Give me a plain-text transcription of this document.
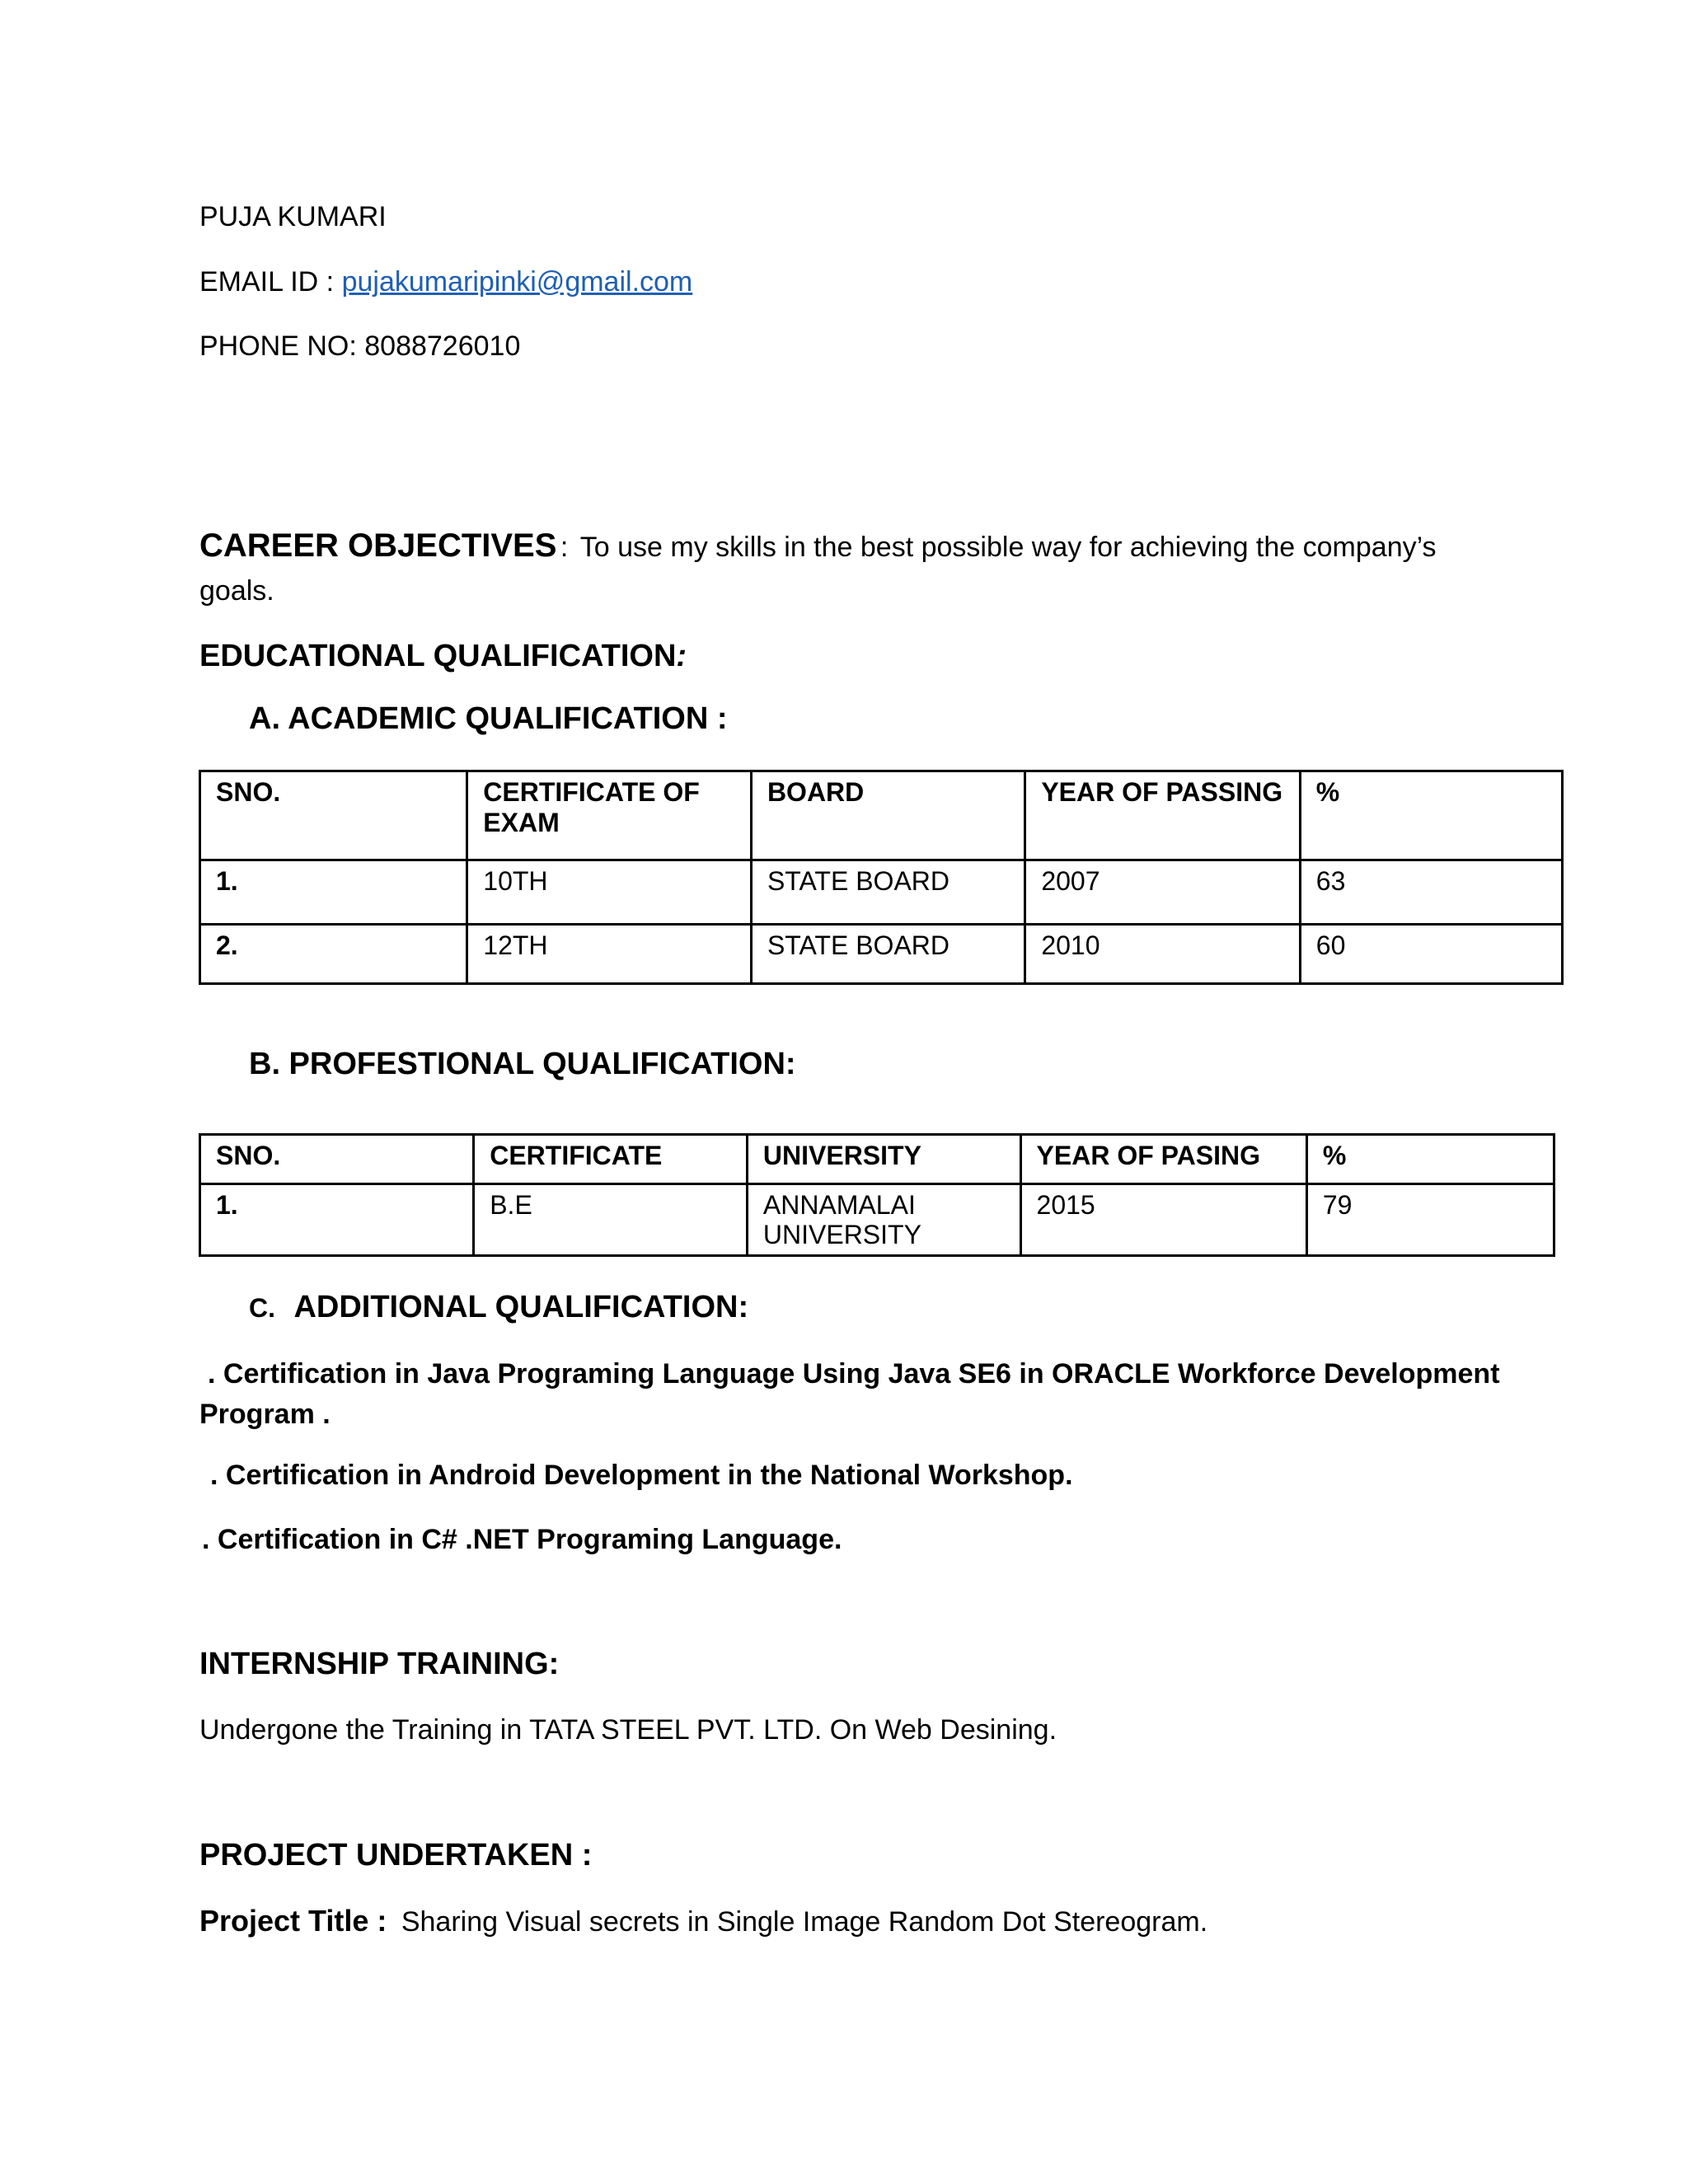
PUJA KUMARI
EMAIL ID : pujakumaripinki@gmail.com
PHONE NO: 8088726010
CAREER OBJECTIVES : To use my skills in the best possible way for achieving the company’s
goals.
EDUCATIONAL QUALIFICATION:
A. ACADEMIC QUALIFICATION :
SNO.	CERTIFICATE OF EXAM	BOARD	YEAR OF PASSING	%
1.	10TH	STATE BOARD	2007	63
2.	12TH	STATE BOARD	2010	60
B. PROFESTIONAL QUALIFICATION:
SNO.	CERTIFICATE	UNIVERSITY	YEAR OF PASING	%
1.	B.E	ANNAMALAI UNIVERSITY	2015	79
C. ADDITIONAL QUALIFICATION:
. Certification in Java Programing Language Using Java SE6 in ORACLE Workforce Development
Program .
. Certification in Android Development in the National Workshop.
. Certification in C# .NET Programing Language.
INTERNSHIP TRAINING:
Undergone the Training in TATA STEEL PVT. LTD. On Web Desining.
PROJECT UNDERTAKEN :
Project Title : Sharing Visual secrets in Single Image Random Dot Stereogram.
